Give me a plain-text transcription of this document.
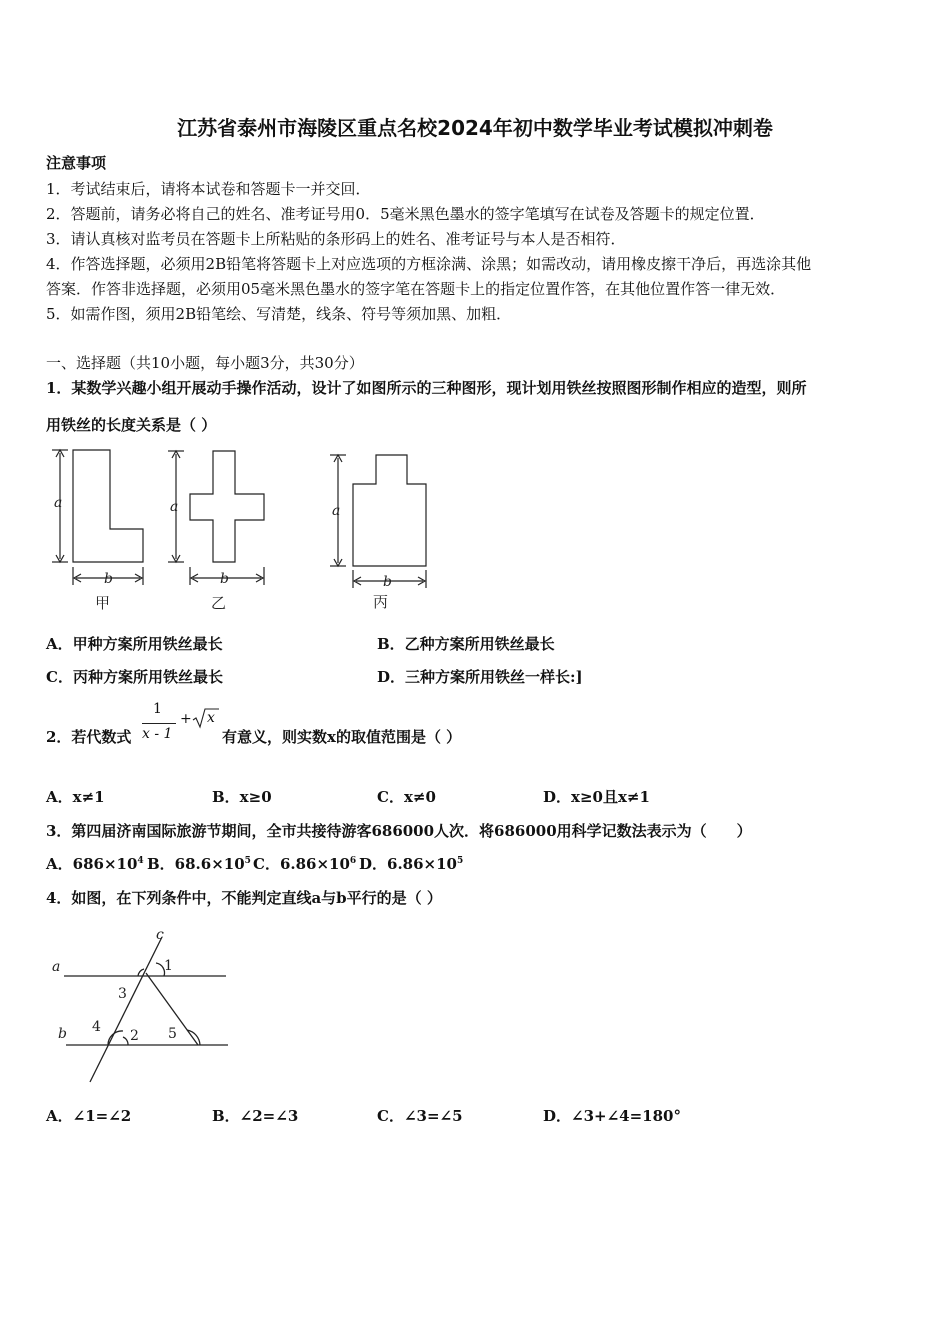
江苏省泰州市海陵区重点名校2024年初中数学毕业考试模拟冲刺卷
注意事项
1．考试结束后，请将本试卷和答题卡一并交回．
2．答题前，请务必将自己的姓名、准考证号用0．5毫米黑色墨水的签字笔填写在试卷及答题卡的规定位置．
3．请认真核对监考员在答题卡上所粘贴的条形码上的姓名、准考证号与本人是否相符．
4．作答选择题，必须用2B铅笔将答题卡上对应选项的方框涂满、涂黑；如需改动，请用橡皮擦干净后，再选涂其他
答案．作答非选择题，必须用05毫米黑色墨水的签字笔在答题卡上的指定位置作答，在其他位置作答一律无效．
5．如需作图，须用2B铅笔绘、写清楚，线条、符号等须加黑、加粗．
一、选择题（共10小题，每小题3分，共30分）
1．某数学兴趣小组开展动手操作活动，设计了如图所示的三种图形，现计划用铁丝按照图形制作相应的造型，则所
用铁丝的长度关系是（ ）
a
b
a
b
a
b
甲	乙	丙
A．甲种方案所用铁丝最长	B．乙种方案所用铁丝最长
C．丙种方案所用铁丝最长	D．三种方案所用铁丝一样长:]
2．若代数式
1
x - 1
+ x
有意义，则实数x的取值范围是（ ）
A．x≠1	B．x≥0	C．x≠0	D．x≥0且x≠1
3．第四届济南国际旅游节期间，全市共接待游客686000人次．将686000用科学记数法表示为（　　）
A．$686\times 10^4$ B．$68.6\times 10^5$ C．$6.86\times 10^6$ D．$6.86\times 10^5$
4．如图，在下列条件中，不能判定直线a与b平行的是（ ）
a
b
c
1
2
3
4	5
A．∠1=∠2	B．∠2=∠3	C．∠3=∠5	D．∠3+∠4=180°
